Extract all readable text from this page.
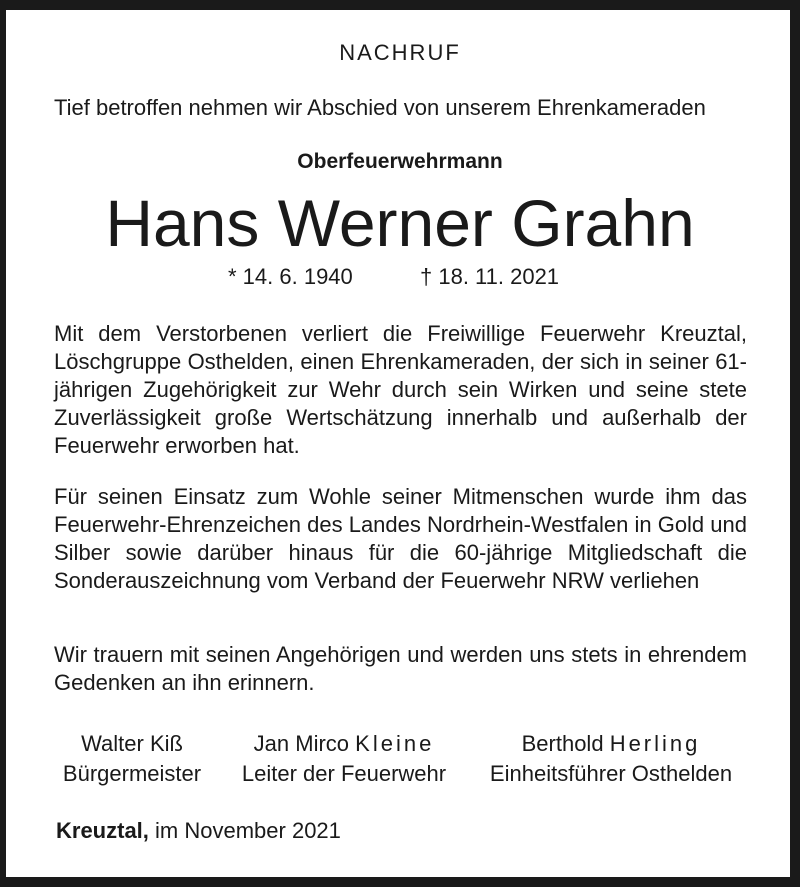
NACHRUF
Tief betroffen nehmen wir Abschied von unserem Ehrenkameraden
Oberfeuerwehrmann
Hans Werner Grahn
* 14. 6. 1940	† 18. 11. 2021
Mit dem Verstorbenen verliert die Freiwillige Feuerwehr Kreuztal, Löschgruppe Osthelden, einen Ehrenkameraden, der sich in seiner 61-jährigen Zugehörigkeit zur Wehr durch sein Wirken und seine stete Zuverlässigkeit große Wertschätzung innerhalb und außerhalb der Feuerwehr erworben hat.
Für seinen Einsatz zum Wohle seiner Mitmenschen wurde ihm das Feuerwehr-Ehrenzeichen des Landes Nordrhein-Westfalen in Gold und Silber sowie darüber hinaus für die 60-jährige Mitgliedschaft die Sonderauszeichnung vom Verband der Feuerwehr NRW verliehen
Wir trauern mit seinen Angehörigen und werden uns stets in ehrendem Gedenken an ihn erinnern.
Walter Kiß
Bürgermeister
Jan Mirco Kleine
Leiter der Feuerwehr
Berthold Herling
Einheitsführer Osthelden
Kreuztal, im November 2021
